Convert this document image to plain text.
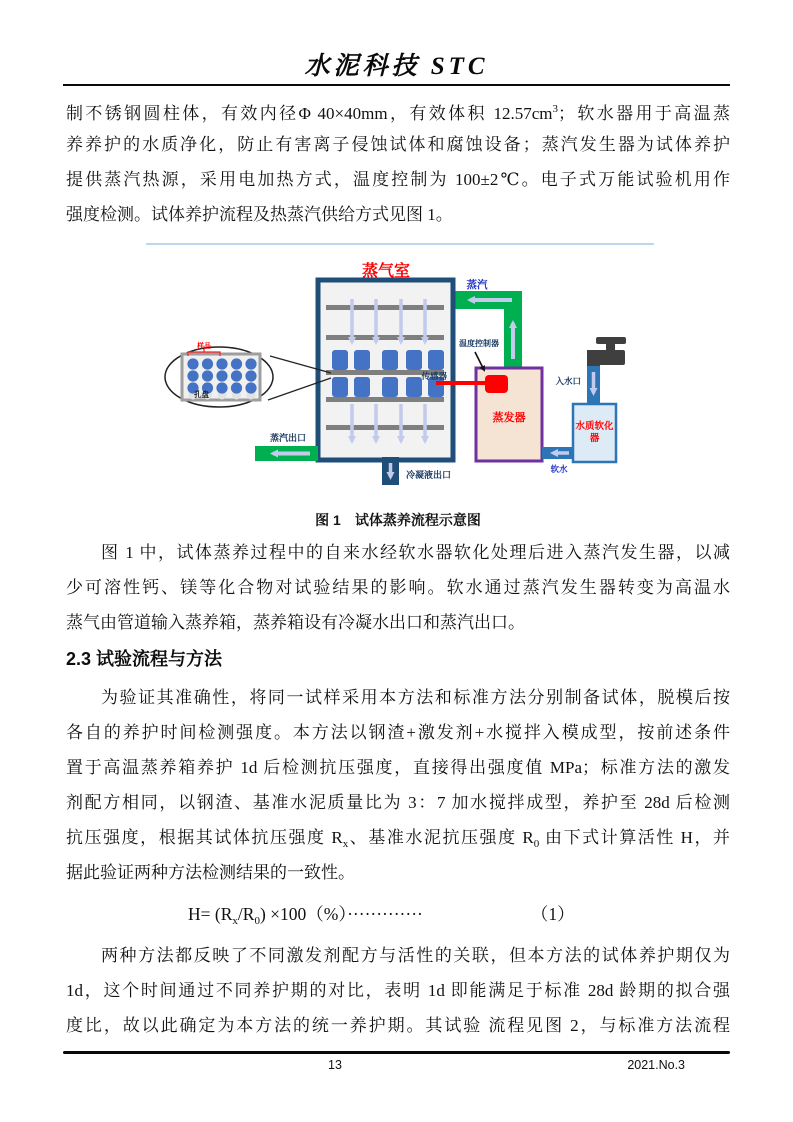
水泥科技 STC
制不锈钢圆柱体，有效内径Φ 40×40mm，有效体积 $12.57cm^3$；软水器用于高温蒸
养养护的水质净化，防止有害离子侵蚀试体和腐蚀设备；蒸汽发生器为试体养护
提供蒸汽热源，采用电加热方式，温度控制为 100±2℃。电子式万能试验机用作
强度检测。试体养护流程及热蒸汽供给方式见图 1。
蒸气室
蒸汽
蒸发器
传感器
温度控制器
入水口
水质软化
器
软水
蒸汽出口
冷凝液出口
样品
孔盘
图 1　试体蒸养流程示意图
图 1 中，试体蒸养过程中的自来水经软水器软化处理后进入蒸汽发生器，以减
少可溶性钙、镁等化合物对试验结果的影响。软水通过蒸汽发生器转变为高温水
蒸气由管道输入蒸养箱，蒸养箱设有冷凝水出口和蒸汽出口。
2.3 试验流程与方法
为验证其准确性，将同一试样采用本方法和标准方法分别制备试体，脱模后按
各自的养护时间检测强度。本方法以钢渣+激发剂+水搅拌入模成型，按前述条件
置于高温蒸养箱养护 1d 后检测抗压强度，直接得出强度值 MPa；标准方法的激发
剂配方相同，以钢渣、基准水泥质量比为 3：7 加水搅拌成型，养护至 28d 后检测
抗压强度，根据其试体抗压强度 $R_x$、基准水泥抗压强度 $R_0$ 由下式计算活性 H，并
据此验证两种方法检测结果的一致性。
$H= (R_x/R_0) \times 100(\%)\cdot\cdot\cdot\cdot\cdot\cdot\cdot\cdot\cdot\cdot\cdot\cdot\cdot$	（1）
两种方法都反映了不同激发剂配方与活性的关联，但本方法的试体养护期仅为
1d，这个时间通过不同养护期的对比，表明 1d 即能满足于标准 28d 龄期的拟合强
度比，故以此确定为本方法的统一养护期。其试验 流程见图 2，与标准方法流程
13	2021.No.3
